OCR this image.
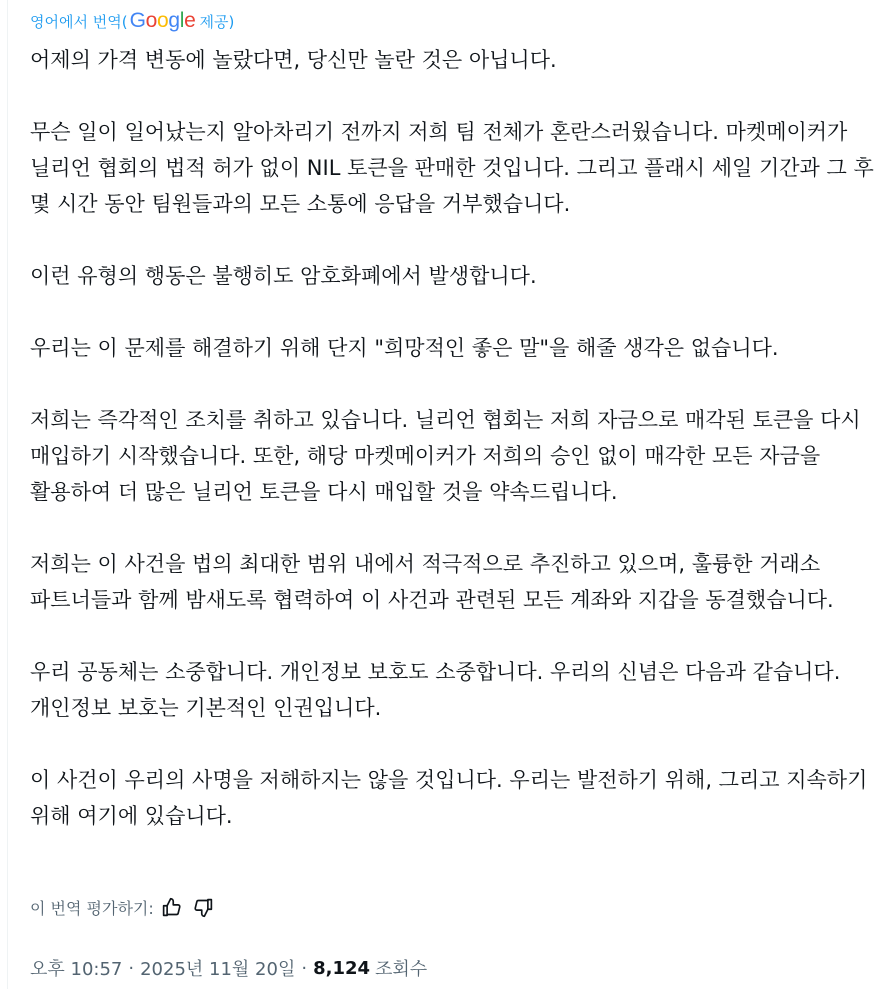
영어에서 번역( G o o g l e 제공)

어제의 가격 변동에 놀랐다면, 당신만 놀란 것은 아닙니다.

무슨 일이 일어났는지 알아차리기 전까지 저희 팀 전체가 혼란스러웠습니다. 마켓메이커가 닐리언 협회의 법적 허가 없이 NIL 토큰을 판매한 것입니다. 그리고 플래시 세일 기간과 그 후 몇 시간 동안 팀원들과의 모든 소통에 응답을 거부했습니다.

이런 유형의 행동은 불행히도 암호화폐에서 발생합니다.

우리는 이 문제를 해결하기 위해 단지 "희망적인 좋은 말"을 해줄 생각은 없습니다.

저희는 즉각적인 조치를 취하고 있습니다. 닐리언 협회는 저희 자금으로 매각된 토큰을 다시 매입하기 시작했습니다. 또한, 해당 마켓메이커가 저희의 승인 없이 매각한 모든 자금을 활용하여 더 많은 닐리언 토큰을 다시 매입할 것을 약속드립니다.

저희는 이 사건을 법의 최대한 범위 내에서 적극적으로 추진하고 있으며, 훌륭한 거래소 파트너들과 함께 밤새도록 협력하여 이 사건과 관련된 모든 계좌와 지갑을 동결했습니다.

우리 공동체는 소중합니다. 개인정보 보호도 소중합니다. 우리의 신념은 다음과 같습니다. 개인정보 보호는 기본적인 인권입니다.

이 사건이 우리의 사명을 저해하지는 않을 것입니다. 우리는 발전하기 위해, 그리고 지속하기 위해 여기에 있습니다.

이 번역 평가하기:
오후 10:57 · 2025년 11월 20일 · 8,124 조회수
